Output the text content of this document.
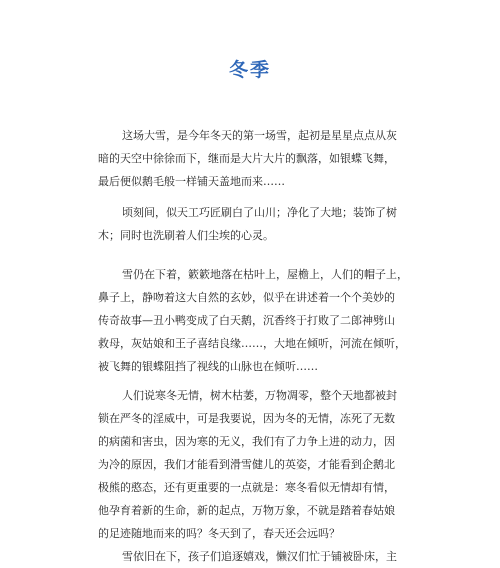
冬季
这场大雪，是今年冬天的第一场雪，起初是星星点点从灰
暗的天空中徐徐而下，继而是大片大片的飘落，如银蝶飞舞，
最后便似鹅毛般一样铺天盖地而来……
顷刻间，似天工巧匠刷白了山川；净化了大地；装饰了树
木；同时也洗刷着人们尘埃的心灵。
雪仍在下着，簌簌地落在枯叶上，屋檐上，人们的帽子上，
鼻子上，静吻着这大自然的玄妙，似乎在讲述着一个个美妙的
传奇故事—丑小鸭变成了白天鹅，沉香终于打败了二郎神劈山
救母，灰姑娘和王子喜结良缘……，大地在倾听，河流在倾听，
被飞舞的银蝶阻挡了视线的山脉也在倾听……
人们说寒冬无情，树木枯萎，万物凋零，整个天地都被封
锁在严冬的淫威中，可是我要说，因为冬的无情，冻死了无数
的病菌和害虫，因为寒的无义，我们有了力争上进的动力，因
为冷的原因，我们才能看到滑雪健儿的英姿，才能看到企鹅北
极熊的憨态，还有更重要的一点就是：寒冬看似无情却有情，
他孕育着新的生命，新的起点，万物万象，不就是踏着春姑娘
的足迹随地而来的吗？冬天到了，春天还会远吗？
雪依旧在下，孩子们追逐嬉戏，懒汉们忙于铺被卧床，主
